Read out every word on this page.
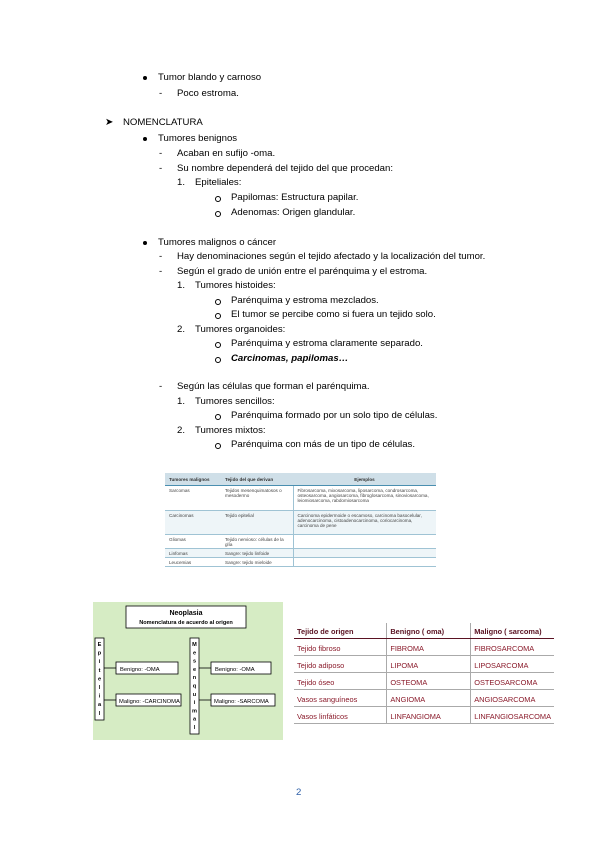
Tumor blando y carnoso
- Poco estroma.
➤ NOMENCLATURA
Tumores benignos
- Acaban en sufijo -oma.
- Su nombre dependerá del tejido del que procedan:
1. Epiteliales:
Papilomas: Estructura papilar.
Adenomas: Origen glandular.
Tumores malignos o cáncer
- Hay denominaciones según el tejido afectado y la localización del tumor.
- Según el grado de unión entre el parénquima y el estroma.
1. Tumores histoides:
Parénquima y estroma mezclados.
El tumor se percibe como si fuera un tejido solo.
2. Tumores organoides:
Parénquima y estroma claramente separado.
Carcinomas, papilomas…
- Según las células que forman el parénquima.
1. Tumores sencillos:
Parénquima formado por un solo tipo de células.
2. Tumores mixtos:
Parénquima con más de un tipo de células.
Tumores malignos	Tejido del que derivan	Ejemplos
Sarcomas	Tejidos mesenquimatosos o mesodermo	Fibrosarcoma, mixosarcoma, liposarcoma, condrosarcoma, osteosarcoma, angiosarcoma, fibroglosarcoma, sinoviosarcoma, leiomiosarcoma, rabdomiosarcoma
Carcinomas	Tejido epitelial	Carcinoma epidermoide o escamoso, carcinoma basocelular, adenocarcinoma, cistoadenocarcinoma, coriocarcinoma, carcinoma de pene
Gliomas	Tejido nervioso: células de la glía	
Linfomas	Sangre: tejido linfoide	
Leucemias	Sangre: tejido mieloide	
Neoplasia
Nomenclatura de acuerdo al origen
E
p
i
t
e
l
i
a
l
M
e
s
e
n
q
u
i
m
a
l
Benigno: -OMA
Maligno: -CARCINOMA
Benigno: -OMA
Maligno: -SARCOMA
Tejido de origen	Benigno ( oma)	Maligno ( sarcoma)
Tejido fibroso	FIBROMA	FIBROSARCOMA
Tejido adiposo	LIPOMA	LIPOSARCOMA
Tejido óseo	OSTEOMA	OSTEOSARCOMA
Vasos sanguíneos	ANGIOMA	ANGIOSARCOMA
Vasos linfáticos	LINFANGIOMA	LINFANGIOSARCOMA
2
